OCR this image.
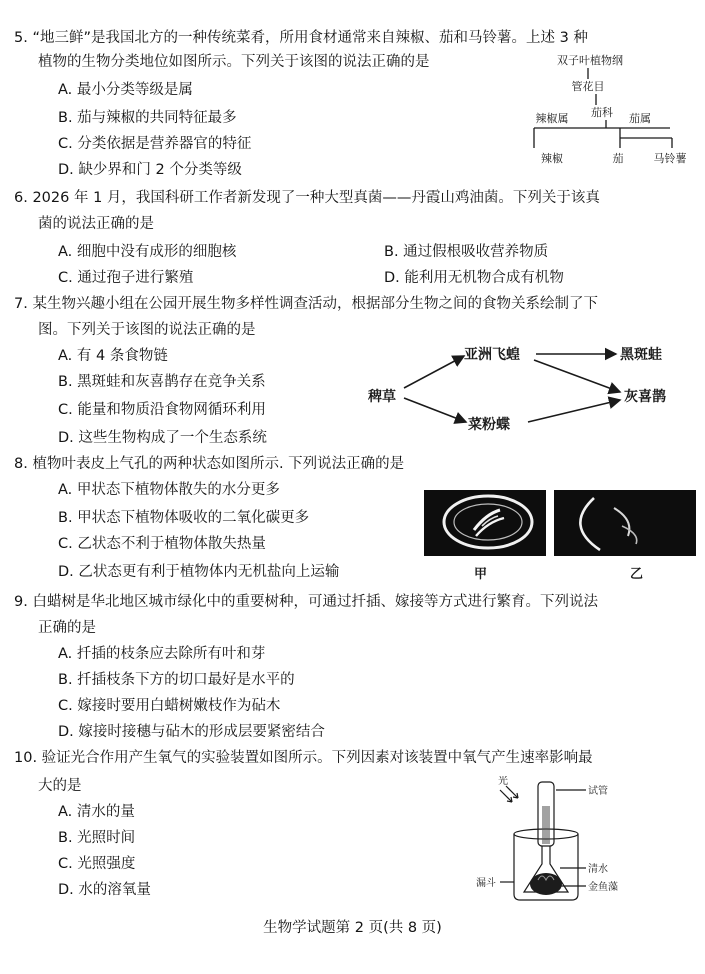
5. “地三鲜”是我国北方的一种传统菜肴，所用食材通常来自辣椒、茄和马铃薯。上述 3 种
植物的生物分类地位如图所示。下列关于该图的说法正确的是
A. 最小分类等级是属
B. 茄与辣椒的共同特征最多
C. 分类依据是营养器官的特征
D. 缺少界和门 2 个分类等级
双子叶植物纲
管花目
茄科
辣椒属	茄属
辣椒	茄	马铃薯
6. 2026 年 1 月，我国科研工作者新发现了一种大型真菌——丹霞山鸡油菌。下列关于该真
菌的说法正确的是
A. 细胞中没有成形的细胞核	B. 通过假根吸收营养物质
C. 通过孢子进行繁殖	D. 能利用无机物合成有机物
7. 某生物兴趣小组在公园开展生物多样性调查活动，根据部分生物之间的食物关系绘制了下
图。下列关于该图的说法正确的是
A. 有 4 条食物链
B. 黑斑蛙和灰喜鹊存在竞争关系
C. 能量和物质沿食物网循环利用
D. 这些生物构成了一个生态系统
稗草
亚洲飞蝗	黑斑蛙
灰喜鹊
菜粉蝶
8. 植物叶表皮上气孔的两种状态如图所示. 下列说法正确的是
A. 甲状态下植物体散失的水分更多
B. 甲状态下植物体吸收的二氧化碳更多
C. 乙状态不利于植物体散失热量
D. 乙状态更有利于植物体内无机盐向上运输	甲	乙
9. 白蜡树是华北地区城市绿化中的重要树种，可通过扦插、嫁接等方式进行繁育。下列说法
正确的是
A. 扦插的枝条应去除所有叶和芽
B. 扦插枝条下方的切口最好是水平的
C. 嫁接时要用白蜡树嫩枝作为砧木
D. 嫁接时接穗与砧木的形成层要紧密结合
10. 验证光合作用产生氧气的实验装置如图所示。下列因素对该装置中氧气产生速率影响最
大的是
A. 清水的量
B. 光照时间
C. 光照强度
D. 水的溶氧量
光
试管
清水
漏斗	金鱼藻
生物学试题第 2 页(共 8 页)
